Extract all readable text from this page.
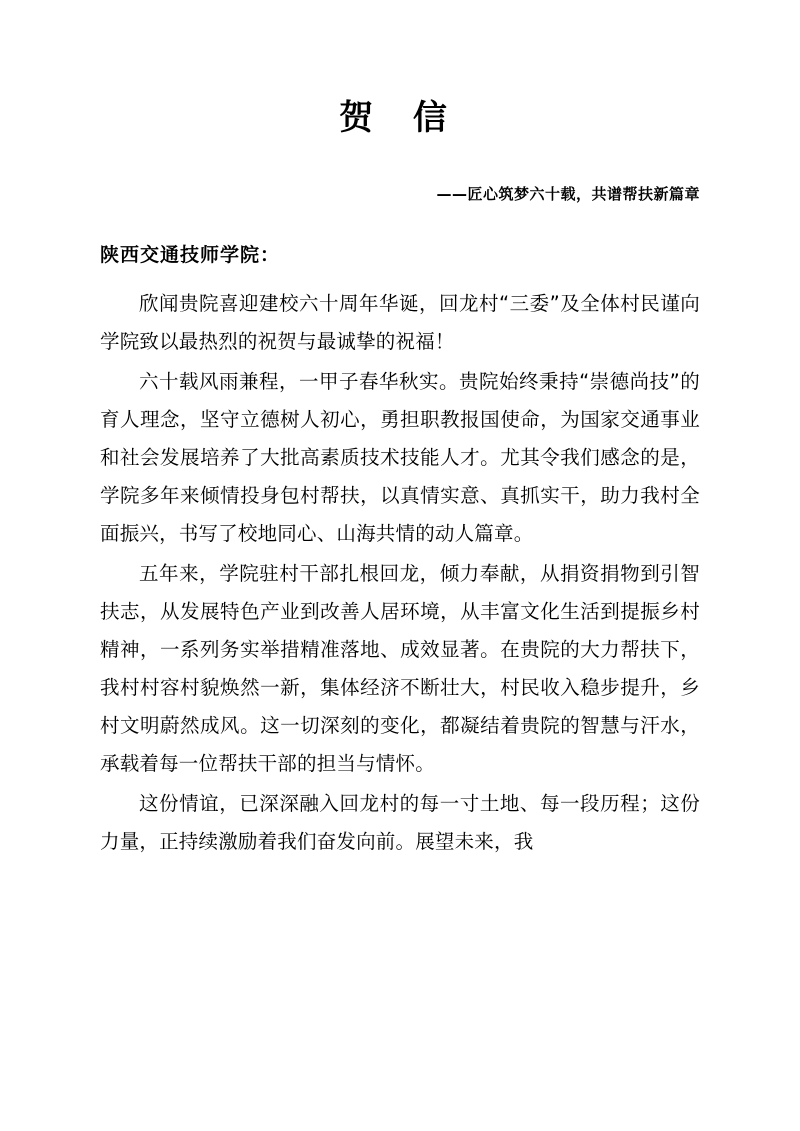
贺 信
——匠心筑梦六十载，共谱帮扶新篇章
陕西交通技师学院：

欣闻贵院喜迎建校六十周年华诞，回龙村“三委”及全体村民谨向学院致以最热烈的祝贺与最诚挚的祝福！

六十载风雨兼程，一甲子春华秋实。贵院始终秉持“崇德尚技”的育人理念，坚守立德树人初心，勇担职教报国使命，为国家交通事业和社会发展培养了大批高素质技术技能人才。尤其令我们感念的是，学院多年来倾情投身包村帮扶，以真情实意、真抓实干，助力我村全面振兴，书写了校地同心、山海共情的动人篇章。

五年来，学院驻村干部扎根回龙，倾力奉献，从捐资捐物到引智扶志，从发展特色产业到改善人居环境，从丰富文化生活到提振乡村精神，一系列务实举措精准落地、成效显著。在贵院的大力帮扶下，我村村容村貌焕然一新，集体经济不断壮大，村民收入稳步提升，乡村文明蔚然成风。这一切深刻的变化，都凝结着贵院的智慧与汗水，承载着每一位帮扶干部的担当与情怀。

这份情谊，已深深融入回龙村的每一寸土地、每一段历程；这份力量，正持续激励着我们奋发向前。展望未来，我
